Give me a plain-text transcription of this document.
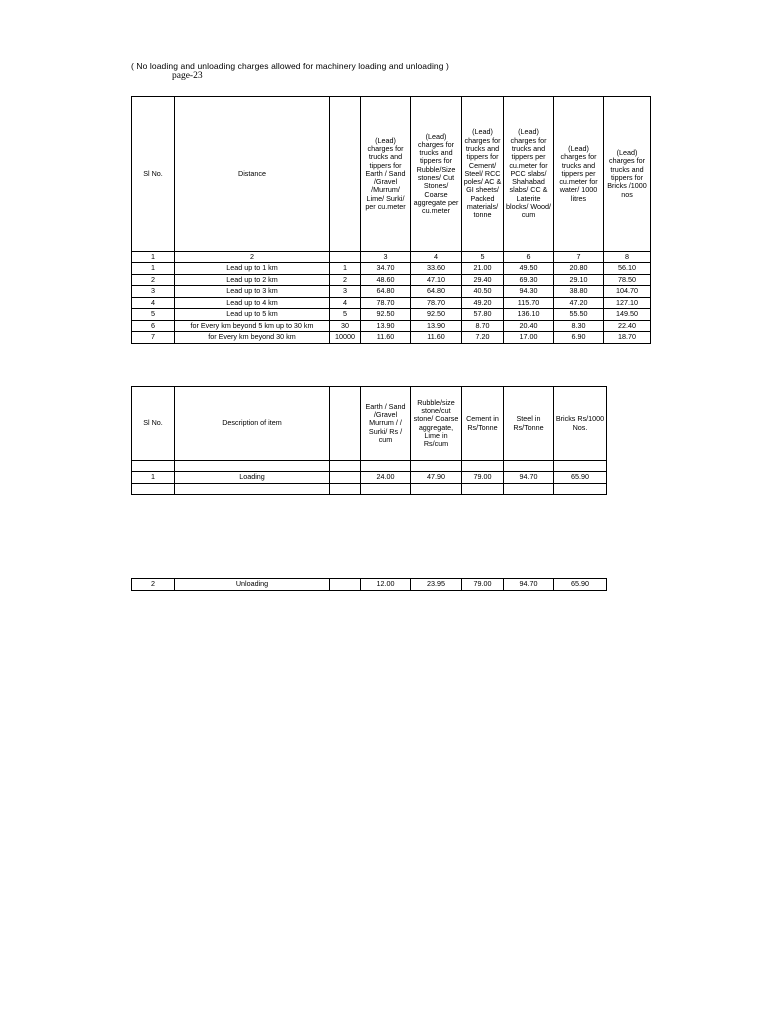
( No loading and unloading charges allowed for machinery loading and unloading )
page-23
Sl No.	Distance		(Lead) charges for trucks and tippers for Earth / Sand /Gravel /Murrum/ Lime/ Surki/ per cu.meter	(Lead) charges for trucks and tippers for Rubble/Size stones/ Cut Stones/ Coarse aggregate per cu.meter	(Lead) charges for trucks and tippers for Cement/ Steel/ RCC poles/ AC & GI sheets/ Packed materials/ tonne	(Lead) charges for trucks and tippers per cu.meter for PCC slabs/ Shahabad slabs/ CC & Laterite blocks/ Wood/ cum	(Lead) charges for trucks and tippers per cu.meter for water/ 1000 litres	(Lead) charges for trucks and tippers for Bricks /1000 nos
1	2		3	4	5	6	7	8
1	Lead up to 1 km	1	34.70	33.60	21.00	49.50	20.80	56.10
2	Lead up to 2 km	2	48.60	47.10	29.40	69.30	29.10	78.50
3	Lead up to 3 km	3	64.80	64.80	40.50	94.30	38.80	104.70
4	Lead up to 4 km	4	78.70	78.70	49.20	115.70	47.20	127.10
5	Lead up to 5 km	5	92.50	92.50	57.80	136.10	55.50	149.50
6	for Every km beyond 5 km up to 30 km	30	13.90	13.90	8.70	20.40	8.30	22.40
7	for Every km beyond 30 km	10000	11.60	11.60	7.20	17.00	6.90	18.70
Sl No.	Description of item		Earth / Sand /Gravel Murrum / / Surki/ Rs / cum	Rubble/size stone/cut stone/ Coarse aggregate, Lime in Rs/cum	Cement in Rs/Tonne	Steel in Rs/Tonne	Bricks Rs/1000 Nos.

1	Loading		24.00	47.90	79.00	94.70	65.90

2	Unloading		12.00	23.95	79.00	94.70	65.90
